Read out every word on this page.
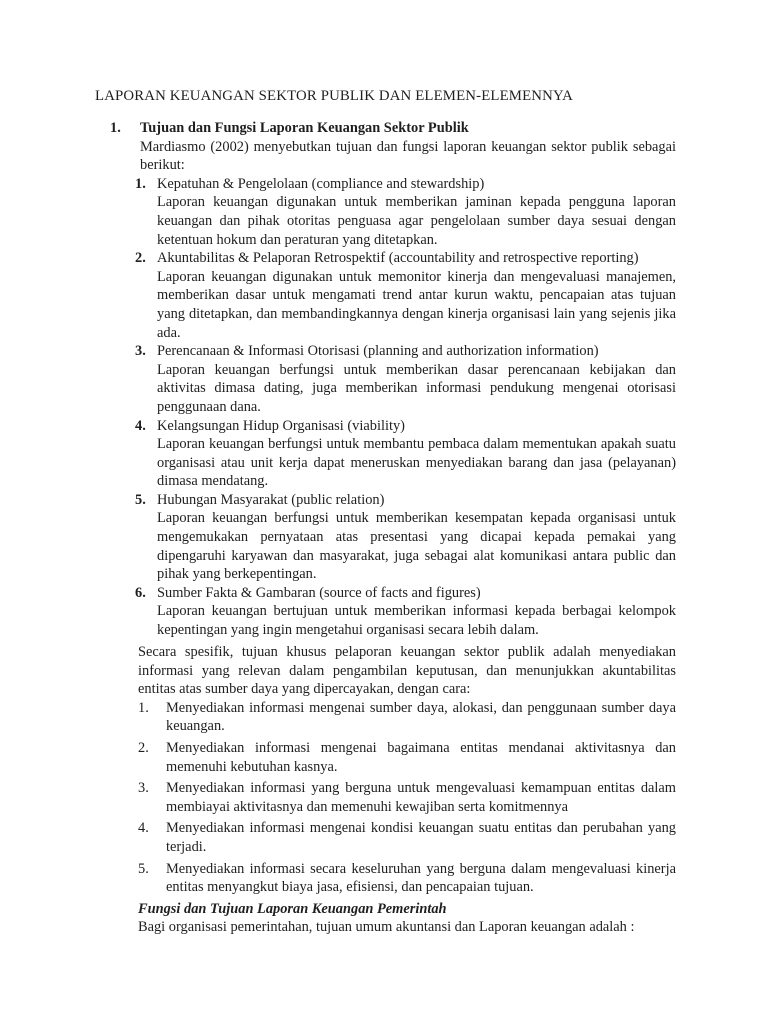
LAPORAN KEUANGAN SEKTOR PUBLIK DAN ELEMEN-ELEMENNYA
1.	Tujuan dan Fungsi Laporan Keuangan Sektor Publik
Mardiasmo (2002) menyebutkan tujuan dan fungsi laporan keuangan sektor publik sebagai berikut:
1. Kepatuhan & Pengelolaan (compliance and stewardship)
Laporan keuangan digunakan untuk memberikan jaminan kepada pengguna laporan keuangan dan pihak otoritas penguasa agar pengelolaan sumber daya sesuai dengan ketentuan hokum dan peraturan yang ditetapkan.
2. Akuntabilitas & Pelaporan Retrospektif (accountability and retrospective reporting)
Laporan keuangan digunakan untuk memonitor kinerja dan mengevaluasi manajemen, memberikan dasar untuk mengamati trend antar kurun waktu, pencapaian atas tujuan yang ditetapkan, dan membandingkannya dengan kinerja organisasi lain yang sejenis jika ada.
3. Perencanaan & Informasi Otorisasi (planning and authorization information)
Laporan keuangan berfungsi untuk memberikan dasar perencanaan kebijakan dan aktivitas dimasa dating, juga memberikan informasi pendukung mengenai otorisasi penggunaan dana.
4. Kelangsungan Hidup Organisasi (viability)
Laporan keuangan berfungsi untuk membantu pembaca dalam mementukan apakah suatu organisasi atau unit kerja dapat meneruskan menyediakan barang dan jasa (pelayanan) dimasa mendatang.
5. Hubungan Masyarakat (public relation)
Laporan keuangan berfungsi untuk memberikan kesempatan kepada organisasi untuk mengemukakan pernyataan atas presentasi yang dicapai kepada pemakai yang dipengaruhi karyawan dan masyarakat, juga sebagai alat komunikasi antara public dan pihak yang berkepentingan.
6. Sumber Fakta & Gambaran (source of facts and figures)
Laporan keuangan bertujuan untuk memberikan informasi kepada berbagai kelompok kepentingan yang ingin mengetahui organisasi secara lebih dalam.
Secara spesifik, tujuan khusus pelaporan keuangan sektor publik adalah menyediakan informasi yang relevan dalam pengambilan keputusan, dan menunjukkan akuntabilitas entitas atas sumber daya yang dipercayakan, dengan cara:
1.	Menyediakan informasi mengenai sumber daya, alokasi, dan penggunaan sumber daya keuangan.
2.	Menyediakan informasi mengenai bagaimana entitas mendanai aktivitasnya dan memenuhi kebutuhan kasnya.
3.	Menyediakan informasi yang berguna untuk mengevaluasi kemampuan entitas dalam membiayai aktivitasnya dan memenuhi kewajiban serta komitmennya
4.	Menyediakan informasi mengenai kondisi keuangan suatu entitas dan perubahan yang terjadi.
5.	Menyediakan informasi secara keseluruhan yang berguna dalam mengevaluasi kinerja entitas menyangkut biaya jasa, efisiensi, dan pencapaian tujuan.
Fungsi dan Tujuan Laporan Keuangan Pemerintah
Bagi organisasi pemerintahan, tujuan umum akuntansi dan Laporan keuangan adalah :
